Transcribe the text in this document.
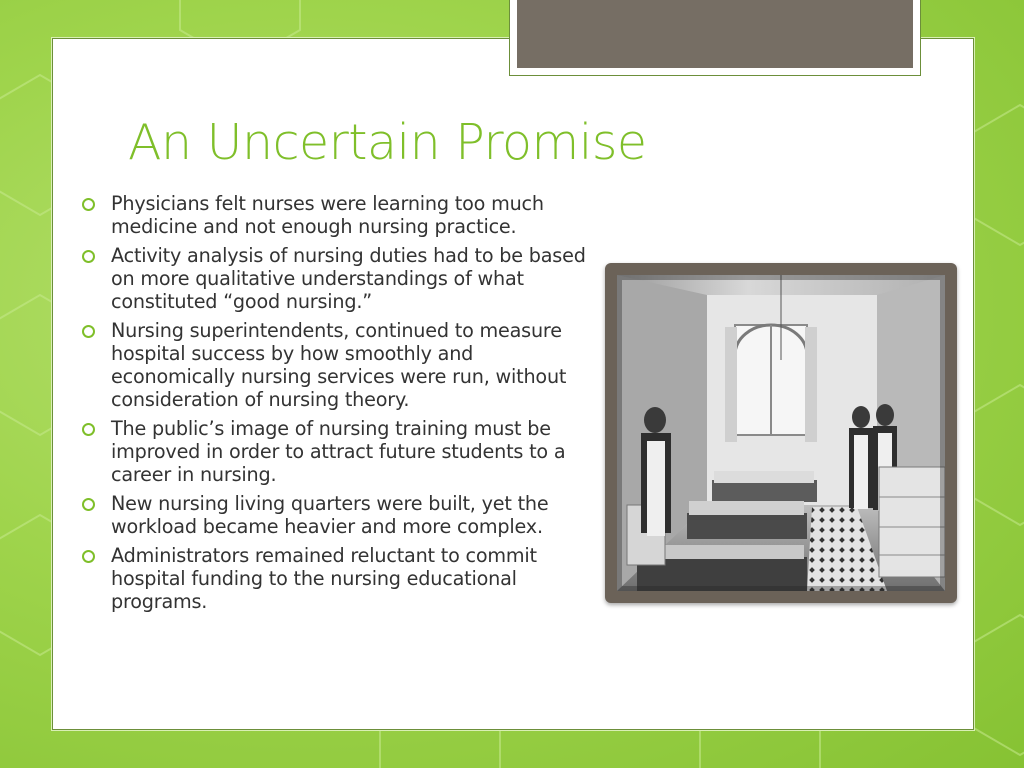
An Uncertain Promise
Physicians felt nurses were learning too much medicine and not enough nursing practice.
Activity analysis of nursing duties had to be based on more qualitative understandings of what constituted “good nursing.”
Nursing superintendents, continued to measure hospital success by how smoothly and economically nursing services were run, without consideration of nursing theory.
The public’s image of nursing training must be improved in order to attract future students to a career in nursing.
New nursing living quarters were built, yet the workload became heavier and more complex.
Administrators remained reluctant to commit hospital funding to the nursing educational programs.
